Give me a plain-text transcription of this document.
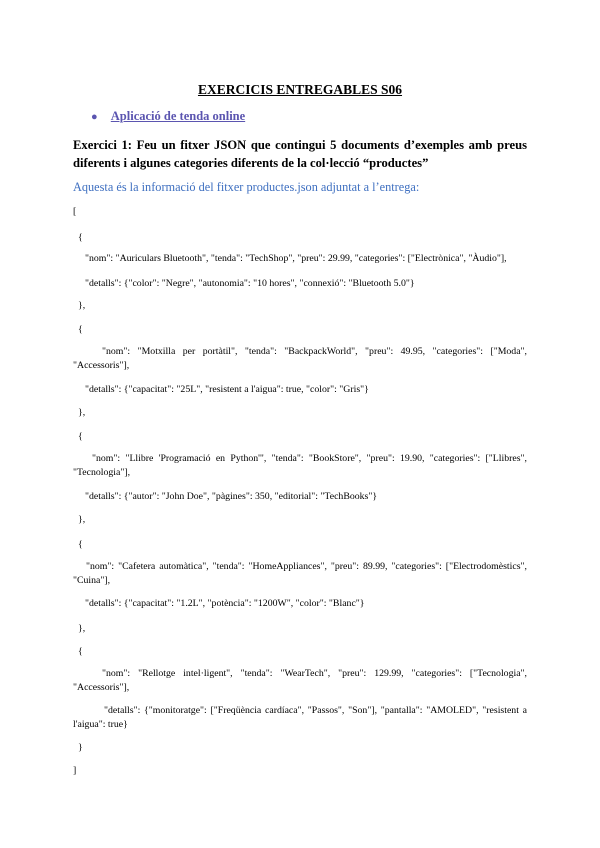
EXERCICIS ENTREGABLES S06
● Aplicació de tenda online
Exercici 1: Feu un fitxer JSON que contingui 5 documents d’exemples amb preus diferents i algunes categories diferents de la col·lecció “productes”
Aquesta és la informació del fitxer productes.json adjuntat a l’entrega:
[
{
"nom": "Auriculars Bluetooth", "tenda": "TechShop", "preu": 29.99, "categories": ["Electrònica", "Àudio"],
"detalls": {"color": "Negre", "autonomia": "10 hores", "connexió": "Bluetooth 5.0"}
},
{
"nom": "Motxilla per portàtil", "tenda": "BackpackWorld", "preu": 49.95, "categories": ["Moda",
"Accessoris"],
"detalls": {"capacitat": "25L", "resistent a l'aigua": true, "color": "Gris"}
},
{
"nom": "Llibre 'Programació en Python'", "tenda": "BookStore", "preu": 19.90, "categories": ["Llibres",
"Tecnologia"],
"detalls": {"autor": "John Doe", "pàgines": 350, "editorial": "TechBooks"}
},
{
"nom": "Cafetera automàtica", "tenda": "HomeAppliances", "preu": 89.99, "categories": ["Electrodomèstics",
"Cuina"],
"detalls": {"capacitat": "1.2L", "potència": "1200W", "color": "Blanc"}
},
{
"nom": "Rellotge intel·ligent", "tenda": "WearTech", "preu": 129.99, "categories": ["Tecnologia",
"Accessoris"],
"detalls": {"monitoratge": ["Freqüència cardíaca", "Passos", "Son"], "pantalla": "AMOLED", "resistent a
l'aigua": true}
}
]
